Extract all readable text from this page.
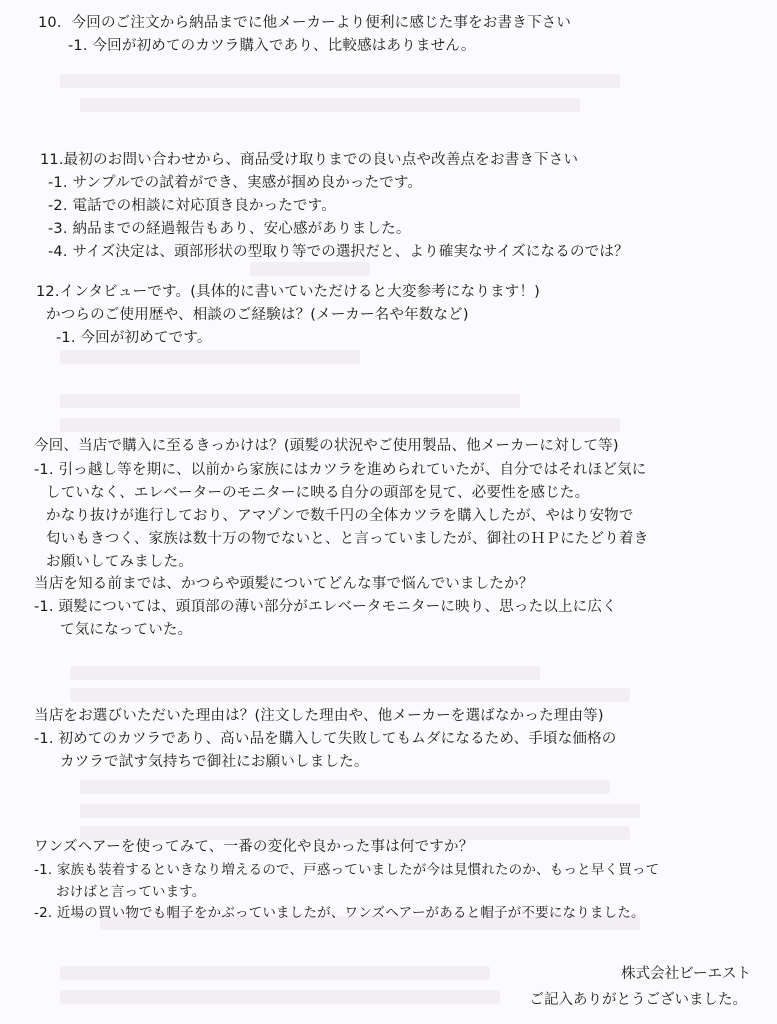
10．今回のご注文から納品までに他メーカーより便利に感じた事をお書き下さい
-1. 今回が初めてのカツラ購入であり、比較感はありません。
11.最初のお問い合わせから、商品受け取りまでの良い点や改善点をお書き下さい
-1. サンプルでの試着ができ、実感が掴め良かったです。
-2. 電話での相談に対応頂き良かったです。
-3. 納品までの経過報告もあり、安心感がありました。
-4. サイズ決定は、頭部形状の型取り等での選択だと、より確実なサイズになるのでは？
12.インタビューです。(具体的に書いていただけると大変参考になります！)
かつらのご使用歴や、相談のご経験は？(メーカー名や年数など)
-1. 今回が初めてです。
今回、当店で購入に至るきっかけは？(頭髪の状況やご使用製品、他メーカーに対して等)
-1. 引っ越し等を期に、以前から家族にはカツラを進められていたが、自分ではそれほど気に
していなく、エレベーターのモニターに映る自分の頭部を見て、必要性を感じた。
かなり抜けが進行しており、アマゾンで数千円の全体カツラを購入したが、やはり安物で
匂いもきつく、家族は数十万の物でないと、と言っていましたが、御社のＨＰにたどり着き
お願いしてみました。
当店を知る前までは、かつらや頭髪についてどんな事で悩んでいましたか？
-1. 頭髪については、頭頂部の薄い部分がエレベータモニターに映り、思った以上に広く
て気になっていた。
当店をお選びいただいた理由は？(注文した理由や、他メーカーを選ばなかった理由等)
-1. 初めてのカツラであり、高い品を購入して失敗してもムダになるため、手頃な価格の
カツラで試す気持ちで御社にお願いしました。
ワンズヘアーを使ってみて、一番の変化や良かった事は何ですか？
-1. 家族も装着するといきなり増えるので、戸惑っていましたが今は見慣れたのか、もっと早く買って
おけばと言っています。
-2. 近場の買い物でも帽子をかぶっていましたが、ワンズヘアーがあると帽子が不要になりました。
株式会社ビーエスト
ご記入ありがとうございました。
